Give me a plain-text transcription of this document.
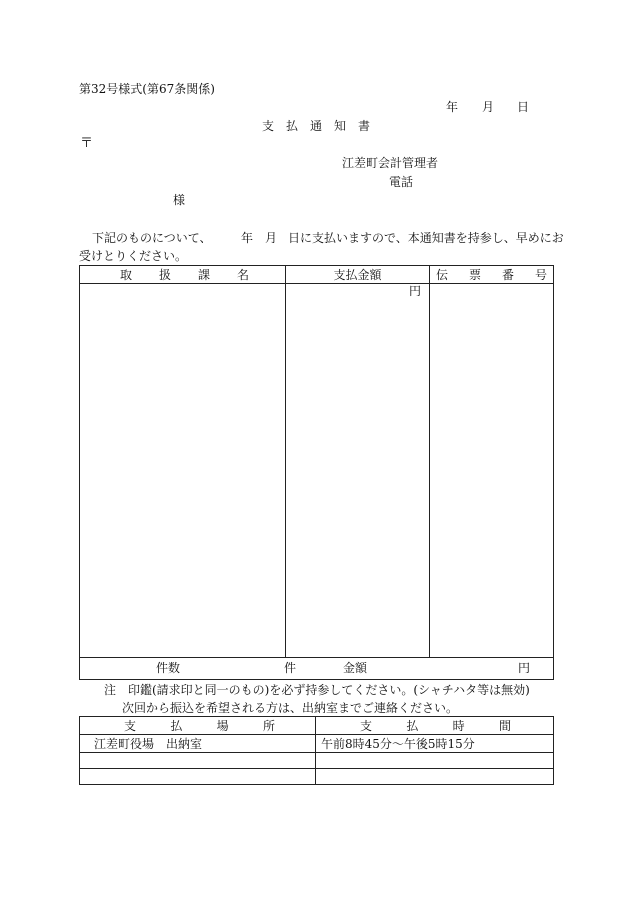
第32号様式(第67条関係)
年 月 日
支 払 通 知 書
〒
江差町会計管理者
電話
様
下記のものについて、 年 月 日に支払いますので、本通知書を持参し、早めにお
受けとりください。
取 扱 課 名	支払金額	伝 票 番 号

	円	

件数 件 金額 円		
注　印鑑(請求印と同一のもの)を必ず持参してください。(シャチハタ等は無効)
次回から振込を希望される方は、出納室までご連絡ください。
支 払 場 所	支 払 時 間

江差町役場　出納室	午前8時45分～午後5時15分
